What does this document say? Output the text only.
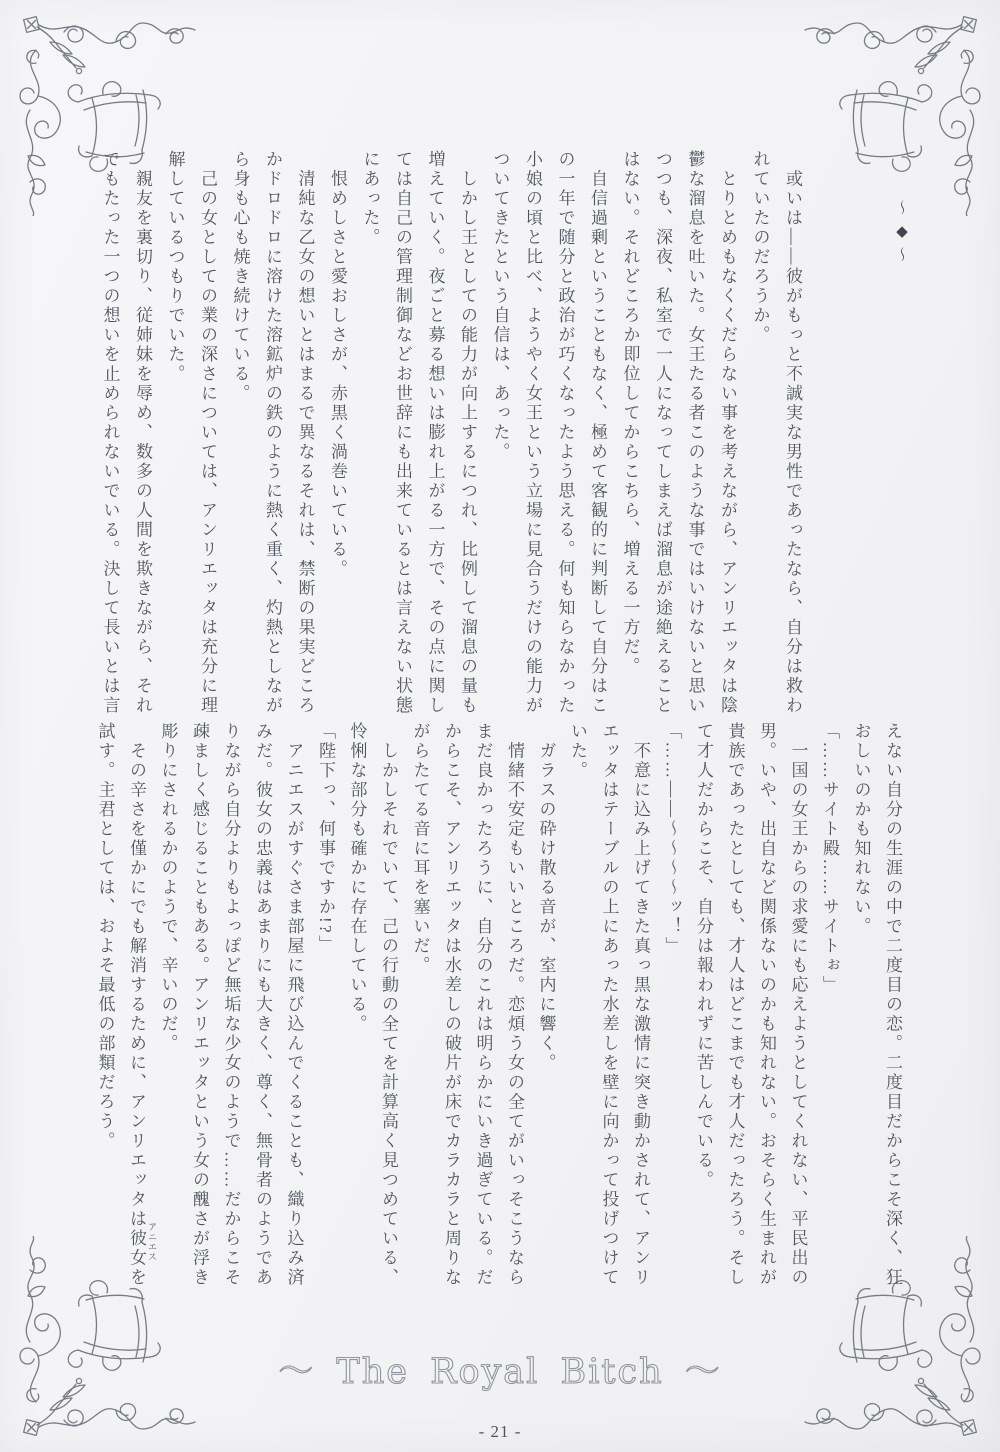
～◆～
　或いは――彼がもっと不誠実な男性であったなら、自分は救わ
れていたのだろうか。
　とりとめもなくくだらない事を考えながら、アンリエッタは陰
鬱な溜息を吐いた。女王たる者このような事ではいけないと思い
つつも、深夜、私室で一人になってしまえば溜息が途絶えること
はない。それどころか即位してからこちら、増える一方だ。
　自信過剰ということもなく、極めて客観的に判断して自分はこ
の一年で随分と政治が巧くなったよう思える。何も知らなかった
小娘の頃と比べ、ようやく女王という立場に見合うだけの能力が
ついてきたという自信は、あった。
　しかし王としての能力が向上するにつれ、比例して溜息の量も
増えていく。夜ごと募る想いは膨れ上がる一方で、その点に関し
ては自己の管理制御などお世辞にも出来ているとは言えない状態
にあった。
　恨めしさと愛おしさが、赤黒く渦巻いている。
　清純な乙女の想いとはまるで異なるそれは、禁断の果実どころ
かドロドロに溶けた溶鉱炉の鉄のように熱く重く、灼熱としなが
ら身も心も焼き続けている。
　己の女としての業の深さについては、アンリエッタは充分に理
解しているつもりでいた。
　親友を裏切り、従姉妹を辱め、数多の人間を欺きながら、それ
でもたった一つの想いを止められないでいる。決して長いとは言
えない自分の生涯の中で二度目の恋。二度目だからこそ深く、狂
おしいのかも知れない。
「……サイト殿……サイトぉ」
　一国の女王からの求愛にも応えようとしてくれない、平民出の
男。いや、出自など関係ないのかも知れない。おそらく生まれが
貴族であったとしても、才人はどこまでも才人だったろう。そし
て才人だからこそ、自分は報われずに苦しんでいる。
「……――～～～～ッ！」
　不意に込み上げてきた真っ黒な激情に突き動かされて、アンリ
エッタはテーブルの上にあった水差しを壁に向かって投げつけて
いた。
　ガラスの砕け散る音が、室内に響く。
　情緒不安定もいいところだ。恋煩う女の全てがいっそこうなら
まだ良かったろうに、自分のこれは明らかにいき過ぎている。だ
からこそ、アンリエッタは水差しの破片が床でカラカラと周りな
がらたてる音に耳を塞いだ。
　しかしそれでいて、己の行動の全てを計算高く見つめている、
怜悧な部分も確かに存在している。
「陛下っ、何事ですか!?」
　アニエスがすぐさま部屋に飛び込んでくることも、織り込み済
みだ。彼女の忠義はあまりにも大きく、尊く、無骨者のようであ
りながら自分よりもよっぽど無垢な少女のようで……だからこそ
疎ましく感じることもある。アンリエッタという女の醜さが浮き
彫りにされるかのようで、辛いのだ。
　その辛さを僅かにでも解消するために、アンリエッタは彼女を
試す。主君としては、およそ最低の部類だろう。
アニエス
～ The Royal Bitch ～
- 21 -
